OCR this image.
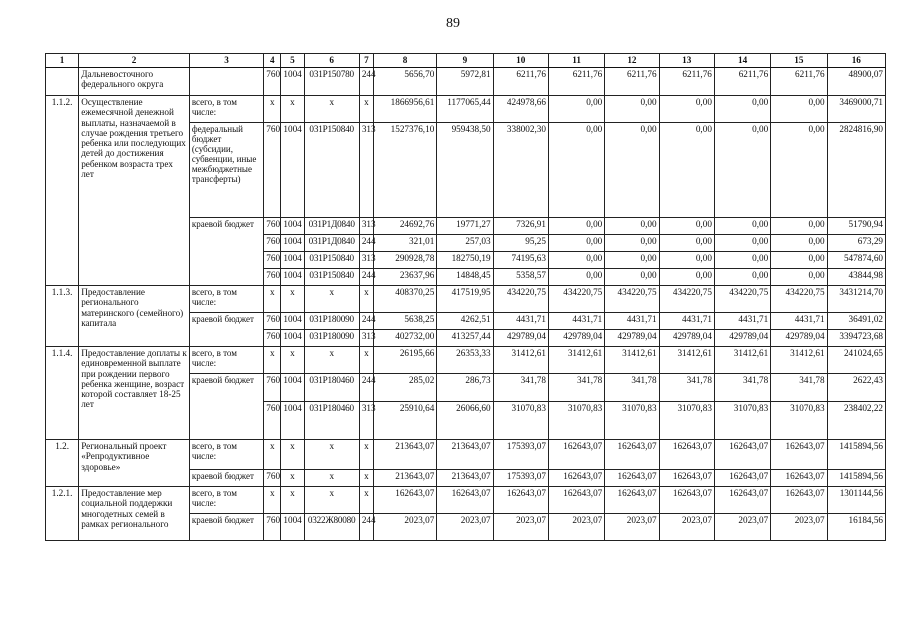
89
1	2	3	4	5	6	7	8	9	10	11	12	13	14	15	16
	Дальневосточного федерального округа		760	1004	031P150780	244	5656,70	5972,81	6211,76	6211,76	6211,76	6211,76	6211,76	6211,76	48900,07
1.1.2.	Осуществление ежемесячной денежной выплаты, назначаемой в случае рождения третьего ребенка или последующих детей до достижения ребенком возраста трех лет	всего, в том числе:	x	x	x	x	1866956,61	1177065,44	424978,66	0,00	0,00	0,00	0,00	0,00	3469000,71
		федеральный бюджет (субсидии, субвенции, иные межбюджетные трансферты)	760	1004	031P150840	313	1527376,10	959438,50	338002,30	0,00	0,00	0,00	0,00	0,00	2824816,90
		краевой бюджет	760	1004	031P1Д0840	313	24692,76	19771,27	7326,91	0,00	0,00	0,00	0,00	0,00	51790,94
			760	1004	031P1Д0840	244	321,01	257,03	95,25	0,00	0,00	0,00	0,00	0,00	673,29
			760	1004	031P150840	313	290928,78	182750,19	74195,63	0,00	0,00	0,00	0,00	0,00	547874,60
			760	1004	031P150840	244	23637,96	14848,45	5358,57	0,00	0,00	0,00	0,00	0,00	43844,98
1.1.3.	Предоставление регионального материнского (семейного) капитала	всего, в том числе:	x	x	x	x	408370,25	417519,95	434220,75	434220,75	434220,75	434220,75	434220,75	434220,75	3431214,70
		краевой бюджет	760	1004	031P180090	244	5638,25	4262,51	4431,71	4431,71	4431,71	4431,71	4431,71	4431,71	36491,02
			760	1004	031P180090	313	402732,00	413257,44	429789,04	429789,04	429789,04	429789,04	429789,04	429789,04	3394723,68
1.1.4.	Предоставление доплаты к единовременной выплате при рождении первого ребенка женщине, возраст которой составляет 18-25 лет	всего, в том числе:	x	x	x	x	26195,66	26353,33	31412,61	31412,61	31412,61	31412,61	31412,61	31412,61	241024,65
		краевой бюджет	760	1004	031P180460	244	285,02	286,73	341,78	341,78	341,78	341,78	341,78	341,78	2622,43
			760	1004	031P180460	313	25910,64	26066,60	31070,83	31070,83	31070,83	31070,83	31070,83	31070,83	238402,22
1.2.	Региональный проект «Репродуктивное здоровье»	всего, в том числе:	x	x	x	x	213643,07	213643,07	175393,07	162643,07	162643,07	162643,07	162643,07	162643,07	1415894,56
		краевой бюджет	760	x	x	x	213643,07	213643,07	175393,07	162643,07	162643,07	162643,07	162643,07	162643,07	1415894,56
1.2.1.	Предоставление мер социальной поддержки многодетных семей в рамках регионального	всего, в том числе:	x	x	x	x	162643,07	162643,07	162643,07	162643,07	162643,07	162643,07	162643,07	162643,07	1301144,56
		краевой бюджет	760	1004	0322Ж80080	244	2023,07	2023,07	2023,07	2023,07	2023,07	2023,07	2023,07	2023,07	16184,56
